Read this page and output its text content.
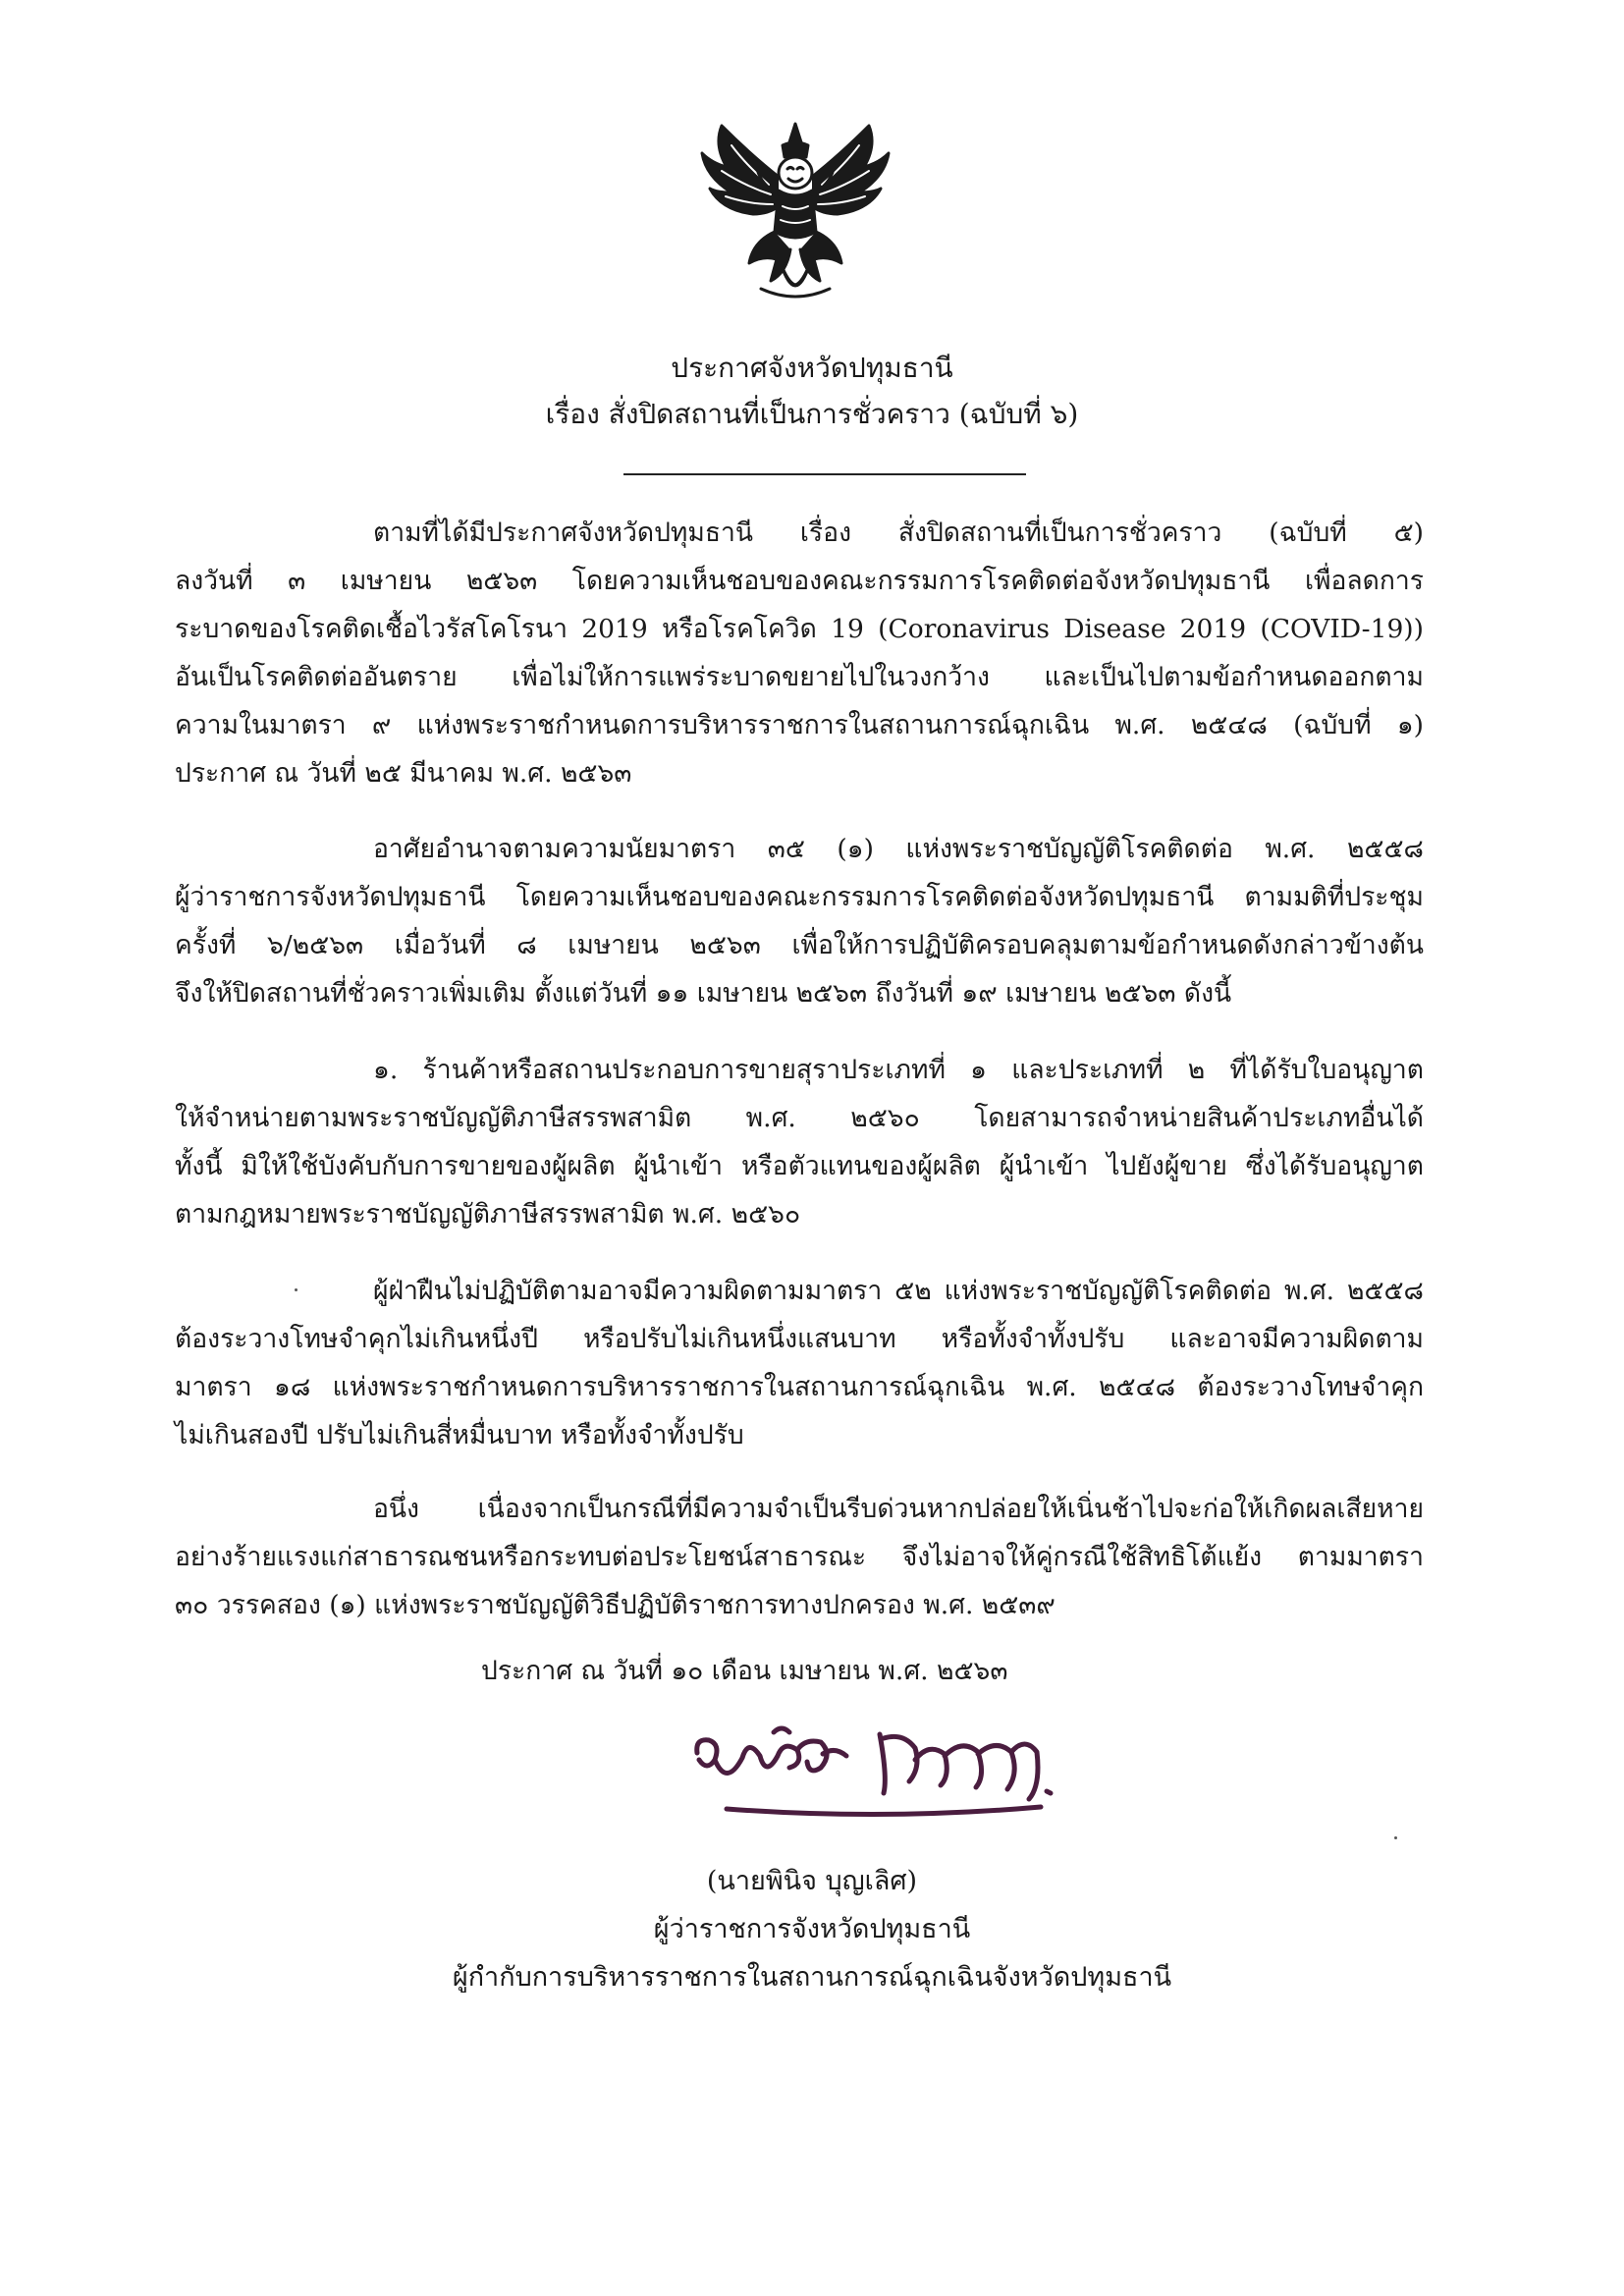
ประกาศจังหวัดปทุมธานี
เรื่อง สั่งปิดสถานที่เป็นการชั่วคราว (ฉบับที่ ๖)
ตามที่ได้มีประกาศจังหวัดปทุมธานี เรื่อง สั่งปิดสถานที่เป็นการชั่วคราว (ฉบับที่ ๕)
ลงวันที่ ๓ เมษายน ๒๕๖๓ โดยความเห็นชอบของคณะกรรมการโรคติดต่อจังหวัดปทุมธานี เพื่อลดการ
ระบาดของโรคติดเชื้อไวรัสโคโรนา 2019 หรือโรคโควิด 19 (Coronavirus Disease 2019 (COVID-19))
อันเป็นโรคติดต่ออันตราย เพื่อไม่ให้การแพร่ระบาดขยายไปในวงกว้าง และเป็นไปตามข้อกำหนดออกตาม
ความในมาตรา ๙ แห่งพระราชกำหนดการบริหารราชการในสถานการณ์ฉุกเฉิน พ.ศ. ๒๕๔๘ (ฉบับที่ ๑)
ประกาศ ณ วันที่ ๒๕ มีนาคม พ.ศ. ๒๕๖๓
อาศัยอำนาจตามความนัยมาตรา ๓๕ (๑) แห่งพระราชบัญญัติโรคติดต่อ พ.ศ. ๒๕๕๘
ผู้ว่าราชการจังหวัดปทุมธานี โดยความเห็นชอบของคณะกรรมการโรคติดต่อจังหวัดปทุมธานี ตามมติที่ประชุม
ครั้งที่ ๖/๒๕๖๓ เมื่อวันที่ ๘ เมษายน ๒๕๖๓ เพื่อให้การปฏิบัติครอบคลุมตามข้อกำหนดดังกล่าวข้างต้น
จึงให้ปิดสถานที่ชั่วคราวเพิ่มเติม ตั้งแต่วันที่ ๑๑ เมษายน ๒๕๖๓ ถึงวันที่ ๑๙ เมษายน ๒๕๖๓ ดังนี้
๑. ร้านค้าหรือสถานประกอบการขายสุราประเภทที่ ๑ และประเภทที่ ๒ ที่ได้รับใบอนุญาต
ให้จำหน่ายตามพระราชบัญญัติภาษีสรรพสามิต พ.ศ. ๒๕๖๐ โดยสามารถจำหน่ายสินค้าประเภทอื่นได้
ทั้งนี้ มิให้ใช้บังคับกับการขายของผู้ผลิต ผู้นำเข้า หรือตัวแทนของผู้ผลิต ผู้นำเข้า ไปยังผู้ขาย ซึ่งได้รับอนุญาต
ตามกฎหมายพระราชบัญญัติภาษีสรรพสามิต พ.ศ. ๒๕๖๐
ผู้ฝ่าฝืนไม่ปฏิบัติตามอาจมีความผิดตามมาตรา ๕๒ แห่งพระราชบัญญัติโรคติดต่อ พ.ศ. ๒๕๕๘
ต้องระวางโทษจำคุกไม่เกินหนึ่งปี หรือปรับไม่เกินหนึ่งแสนบาท หรือทั้งจำทั้งปรับ และอาจมีความผิดตาม
มาตรา ๑๘ แห่งพระราชกำหนดการบริหารราชการในสถานการณ์ฉุกเฉิน พ.ศ. ๒๕๔๘ ต้องระวางโทษจำคุก
ไม่เกินสองปี ปรับไม่เกินสี่หมื่นบาท หรือทั้งจำทั้งปรับ
อนึ่ง เนื่องจากเป็นกรณีที่มีความจำเป็นรีบด่วนหากปล่อยให้เนิ่นช้าไปจะก่อให้เกิดผลเสียหาย
อย่างร้ายแรงแก่สาธารณชนหรือกระทบต่อประโยชน์สาธารณะ จึงไม่อาจให้คู่กรณีใช้สิทธิโต้แย้ง ตามมาตรา
๓๐ วรรคสอง (๑) แห่งพระราชบัญญัติวิธีปฏิบัติราชการทางปกครอง พ.ศ. ๒๕๓๙
ประกาศ ณ วันที่ ๑๐ เดือน เมษายน พ.ศ. ๒๕๖๓
(นายพินิจ บุญเลิศ)
ผู้ว่าราชการจังหวัดปทุมธานี
ผู้กำกับการบริหารราชการในสถานการณ์ฉุกเฉินจังหวัดปทุมธานี
